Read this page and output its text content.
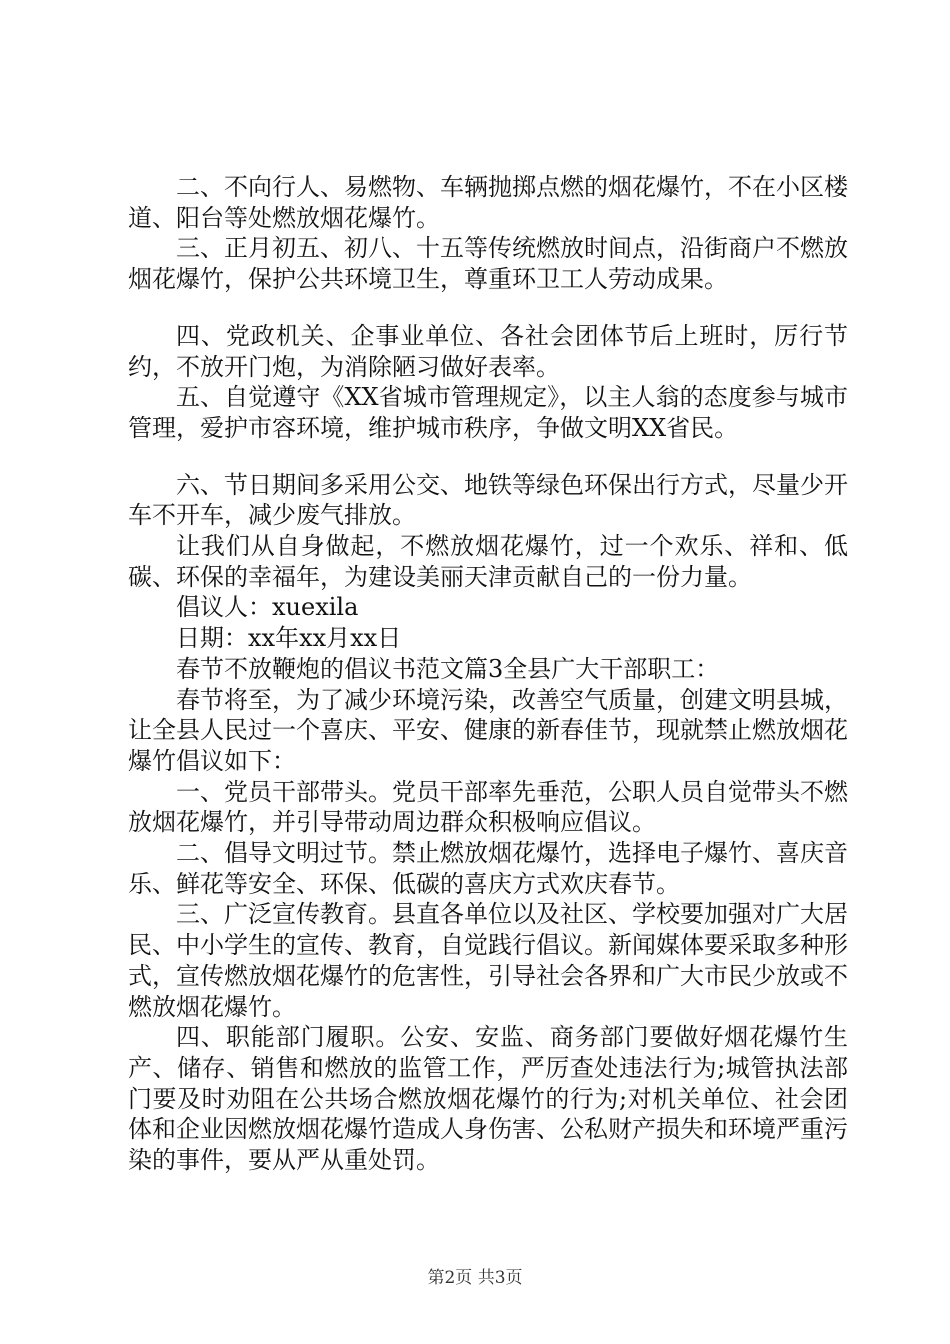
二、不向行人、易燃物、车辆抛掷点燃的烟花爆竹，不在小区楼道、阳台等处燃放烟花爆竹。

三、正月初五、初八、十五等传统燃放时间点，沿街商户不燃放烟花爆竹，保护公共环境卫生，尊重环卫工人劳动成果。

四、党政机关、企事业单位、各社会团体节后上班时，厉行节约，不放开门炮，为消除陋习做好表率。

五、自觉遵守《XX省城市管理规定》，以主人翁的态度参与城市管理，爱护市容环境，维护城市秩序，争做文明XX省民。

六、节日期间多采用公交、地铁等绿色环保出行方式，尽量少开车不开车，减少废气排放。

让我们从自身做起，不燃放烟花爆竹，过一个欢乐、祥和、低碳、环保的幸福年，为建设美丽天津贡献自己的一份力量。

倡议人：xuexila

日期：xx年xx月xx日

春节不放鞭炮的倡议书范文篇3全县广大干部职工：

春节将至，为了减少环境污染，改善空气质量，创建文明县城，让全县人民过一个喜庆、平安、健康的新春佳节，现就禁止燃放烟花爆竹倡议如下：

一、党员干部带头。党员干部率先垂范，公职人员自觉带头不燃放烟花爆竹，并引导带动周边群众积极响应倡议。

二、倡导文明过节。禁止燃放烟花爆竹，选择电子爆竹、喜庆音乐、鲜花等安全、环保、低碳的喜庆方式欢庆春节。

三、广泛宣传教育。县直各单位以及社区、学校要加强对广大居民、中小学生的宣传、教育，自觉践行倡议。新闻媒体要采取多种形式，宣传燃放烟花爆竹的危害性，引导社会各界和广大市民少放或不燃放烟花爆竹。

四、职能部门履职。公安、安监、商务部门要做好烟花爆竹生产、储存、销售和燃放的监管工作，严厉查处违法行为;城管执法部门要及时劝阻在公共场合燃放烟花爆竹的行为;对机关单位、社会团体和企业因燃放烟花爆竹造成人身伤害、公私财产损失和环境严重污染的事件，要从严从重处罚。

第2页 共3页
